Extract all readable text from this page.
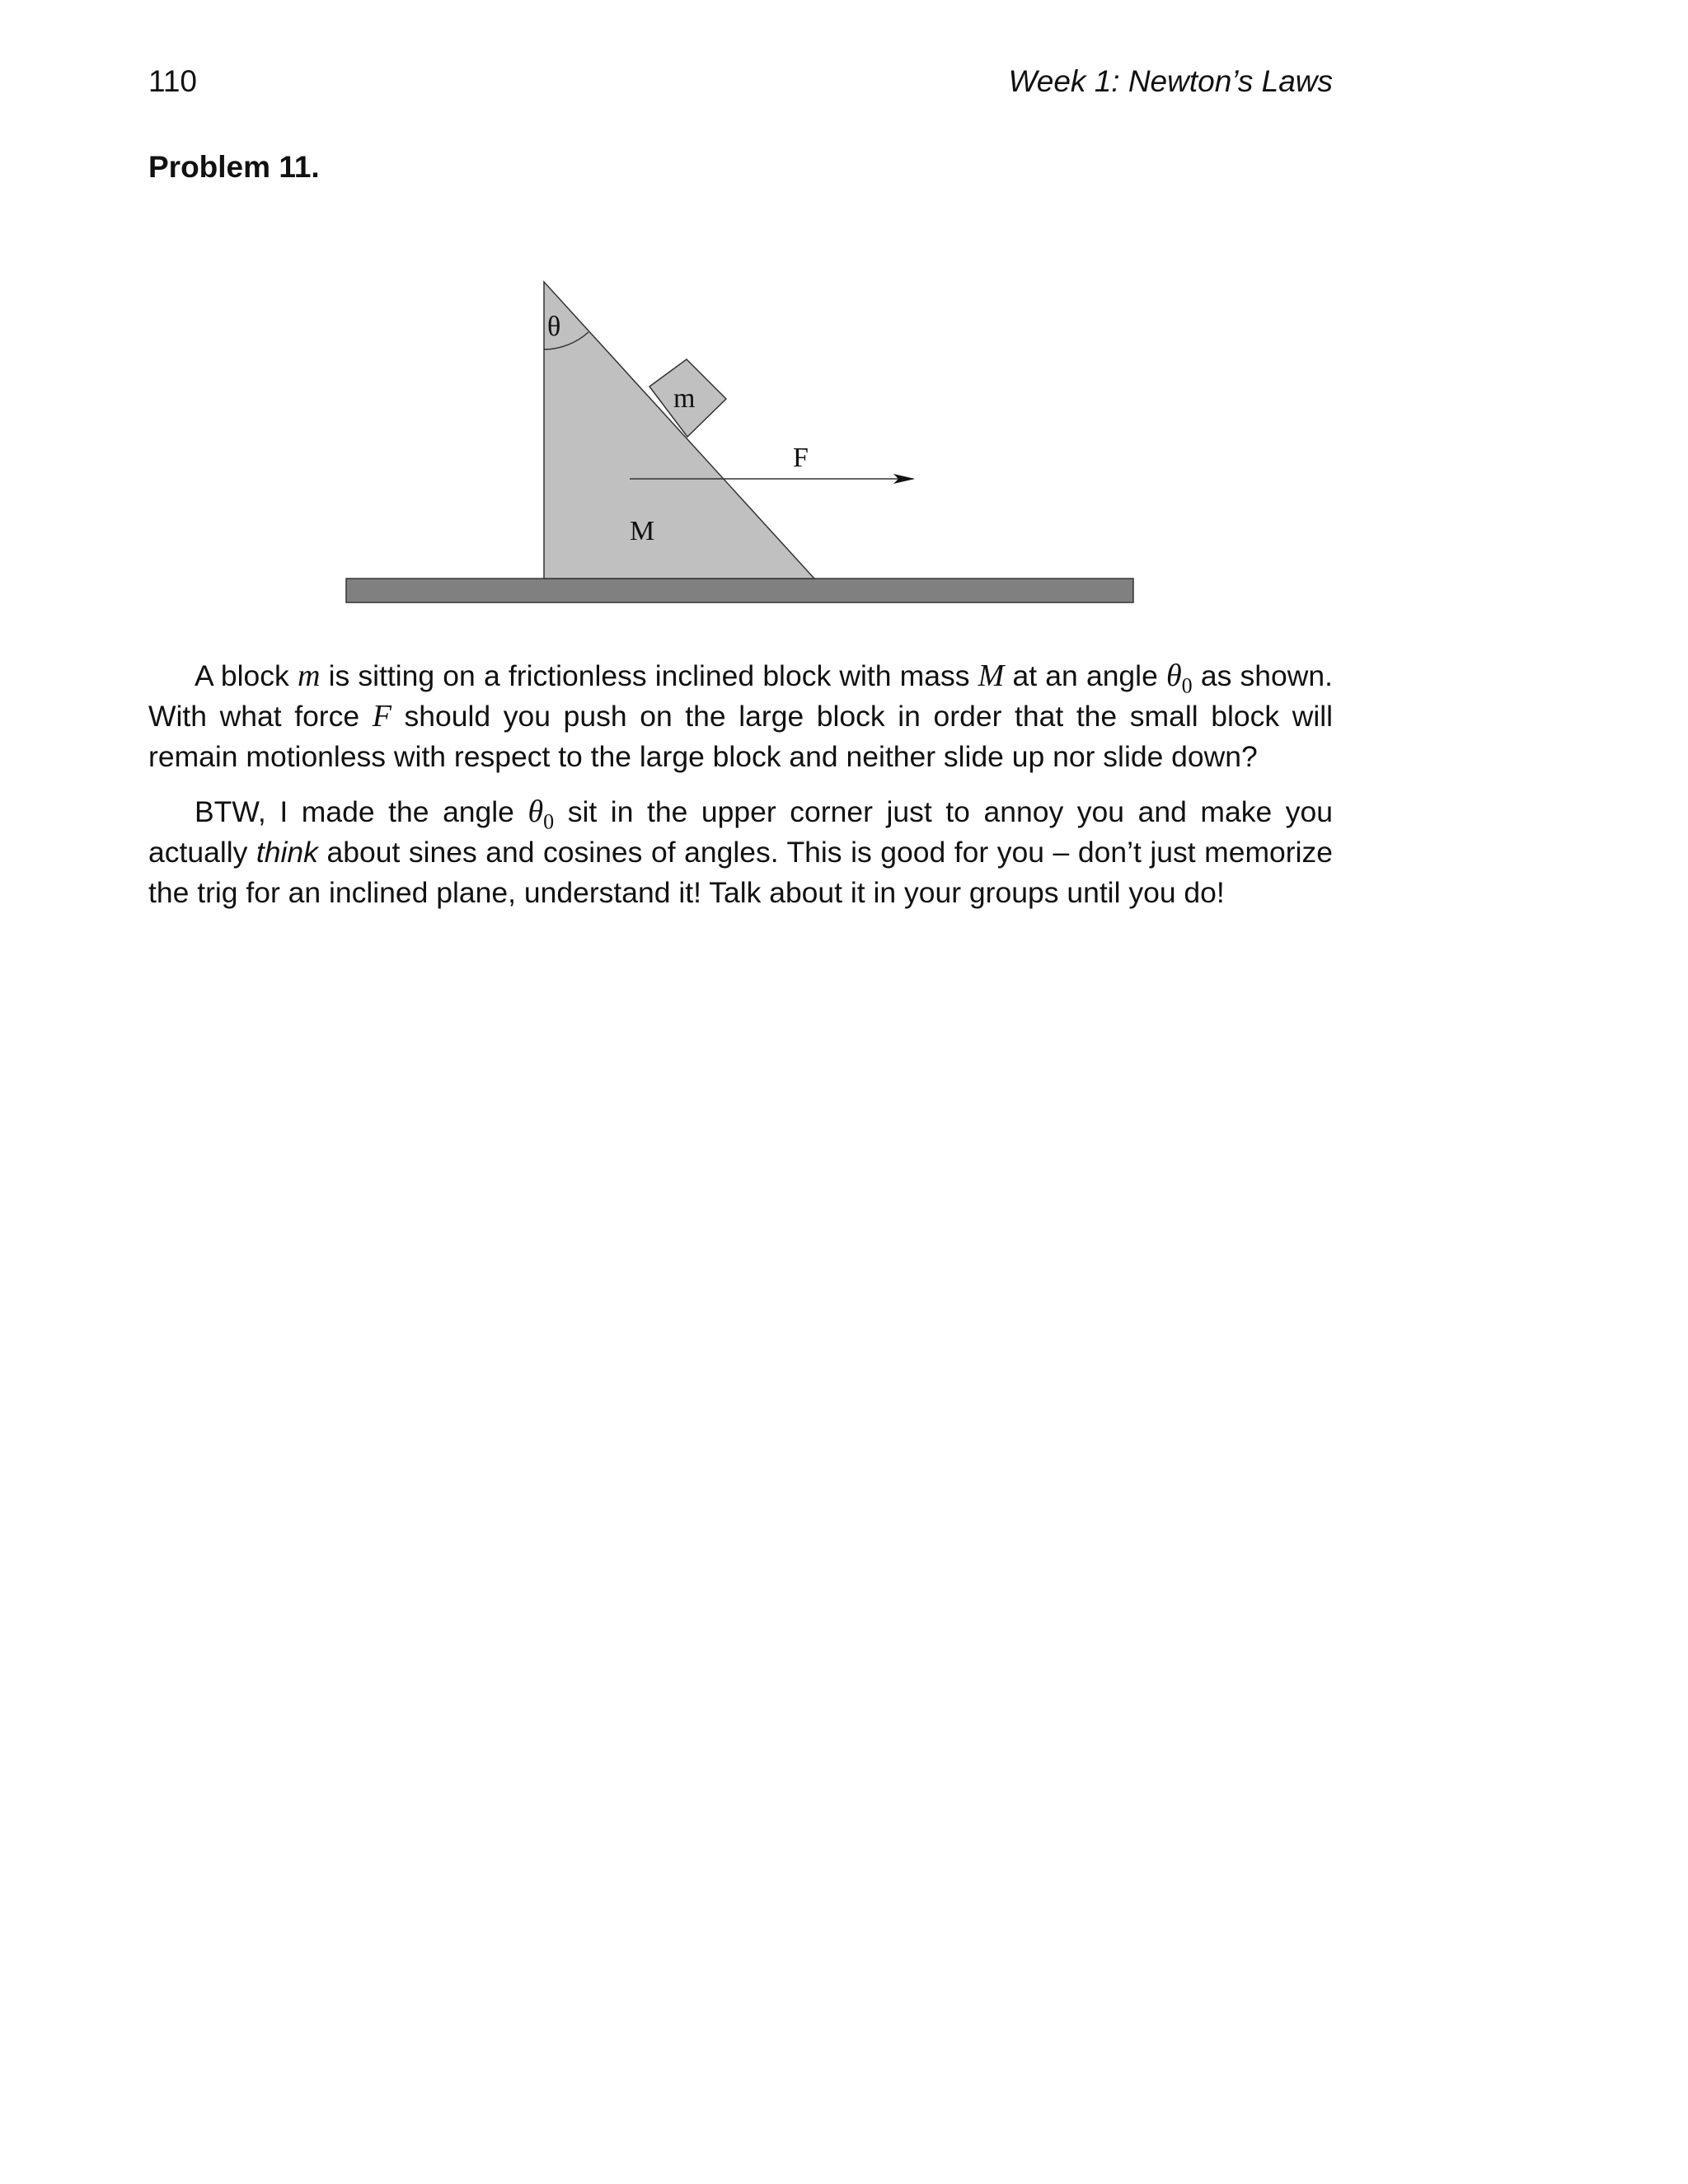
110	Week 1: Newton’s Laws
Problem 11.
θ
m
F
M

A block m is sitting on a frictionless inclined block with mass M at an angle $\theta_0$ as shown. With what force F should you push on the large block in order that the small block will remain motionless with respect to the large block and neither slide up nor slide down?

BTW, I made the angle $\theta_0$ sit in the upper corner just to annoy you and make you actually think about sines and cosines of angles. This is good for you – don’t just memorize the trig for an inclined plane, understand it! Talk about it in your groups until you do!
